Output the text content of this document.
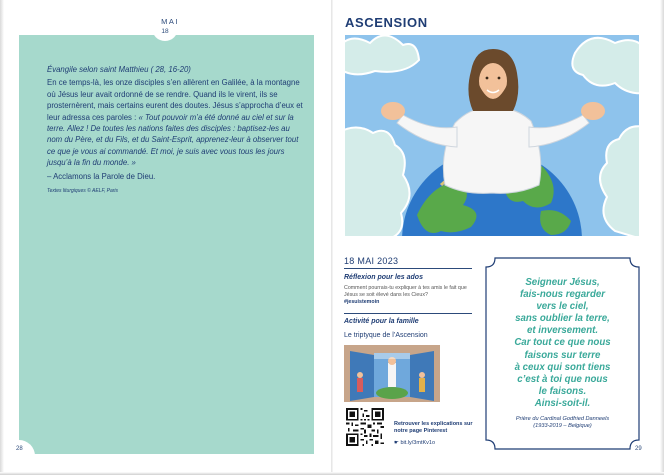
MAI
18
Évangile selon saint Matthieu ( 28, 16-20)
En ce temps-là, les onze disciples s’en allèrent en Galilée, à la montagne où Jésus leur avait ordonné de se rendre. Quand ils le virent, ils se prosternèrent, mais certains eurent des doutes. Jésus s’approcha d’eux et leur adressa ces paroles : « Tout pouvoir m’a été donné au ciel et sur la terre. Allez ! De toutes les nations faites des disciples : baptisez-les au nom du Père, et du Fils, et du Saint-Esprit, apprenez-leur à observer tout ce que je vous ai commandé. Et moi, je suis avec vous tous les jours jusqu’à la fin du monde. »
– Acclamons la Parole de Dieu.
Textes liturgiques © AELF, Paris
28
ASCENSION
18 MAI 2023
Réflexion pour les ados
Comment pourrais-tu expliquer à tes amis le fait que Jésus se soit élevé dans les Cieux?
#jesuistemoin
Activité pour la famille
Le triptyque de l’Ascension
Retrouver les explications sur notre page Pinterest
☛ bit.ly/3mtKv1o
Seigneur Jésus,
fais-nous regarder
vers le ciel,
sans oublier la terre,
et inversement.
Car tout ce que nous
faisons sur terre
à ceux qui sont tiens
c’est à toi que nous
le faisons.
Ainsi-soit-il.
Prière du Cardinal Godfried Danneels
(1933-2019 – Belgique)
29
